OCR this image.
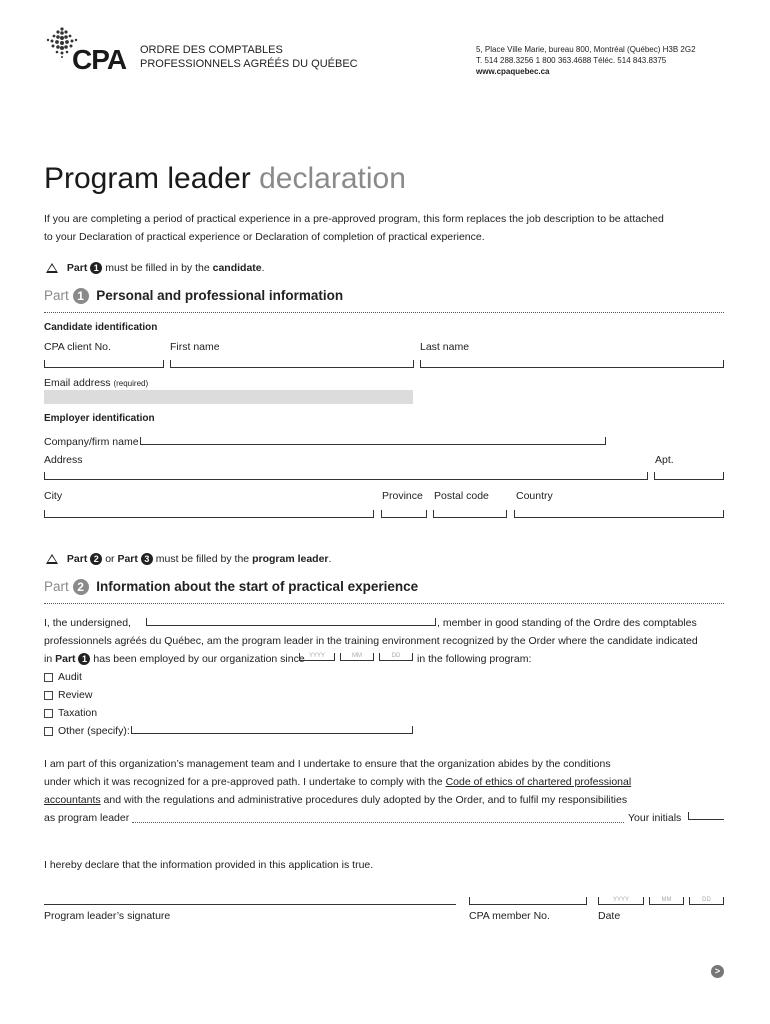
CPA ORDRE DES COMPTABLES
PROFESSIONNELS AGRÉÉS DU QUÉBEC
5, Place Ville Marie, bureau 800, Montréal (Québec) H3B 2G2
T. 514 288.3256 1 800 363.4688 Téléc. 514 843.8375
www.cpaquebec.ca
Program leader declaration
If you are completing a period of practical experience in a pre-approved program, this form replaces the job description to be attached
to your Declaration of practical experience or Declaration of completion of practical experience.
Part 1 must be filled in by the candidate.
Part 1 Personal and professional information
Candidate identification
CPA client No.	First name	Last name
Email address (required)
Employer identification
Company/firm name
Address	Apt.
City	Province Postal code	Country
Part 2 or Part 3 must be filled by the program leader.
Part 2 Information about the start of practical experience
I, the undersigned,	, member in good standing of the Ordre des comptables
professionnels agréés du Québec, am the program leader in the training environment recognized by the Order where the candidate indicated
in Part 1 has been employed by our organization since YYYY	MM	DD	in the following program:
Audit
Review
Taxation
Other (specify):
I am part of this organization’s management team and I undertake to ensure that the organization abides by the conditions
under which it was recognized for a pre-approved path. I undertake to comply with the Code of ethics of chartered professional
accountants and with the regulations and administrative procedures duly adopted by the Order, and to fulfil my responsibilities
as program leader	Your initials
I hereby declare that the information provided in this application is true.
YYYY	MM	DD
Program leader’s signature	CPA member No.	Date
>
